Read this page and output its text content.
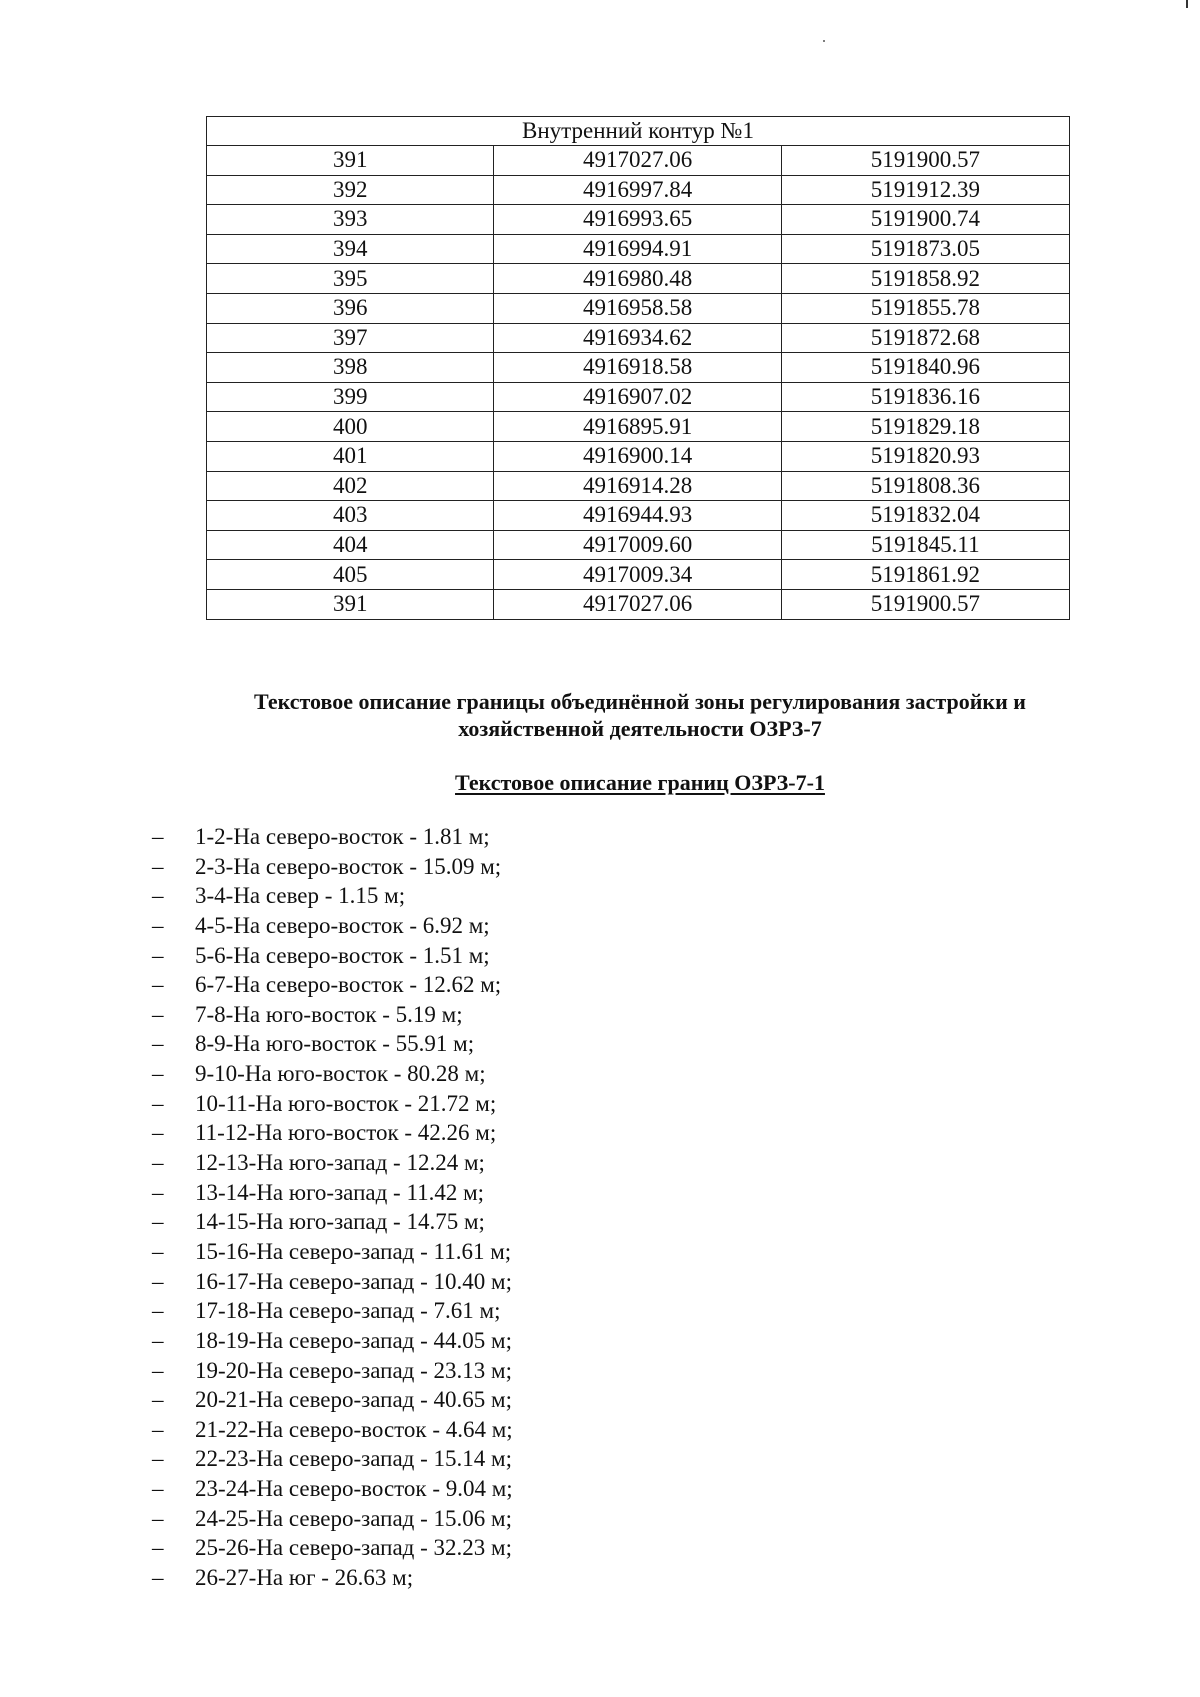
Внутренний контур №1		
391	4917027.06	5191900.57
392	4916997.84	5191912.39
393	4916993.65	5191900.74
394	4916994.91	5191873.05
395	4916980.48	5191858.92
396	4916958.58	5191855.78
397	4916934.62	5191872.68
398	4916918.58	5191840.96
399	4916907.02	5191836.16
400	4916895.91	5191829.18
401	4916900.14	5191820.93
402	4916914.28	5191808.36
403	4916944.93	5191832.04
404	4917009.60	5191845.11
405	4917009.34	5191861.92
391	4917027.06	5191900.57
Текстовое описание границы объединённой зоны регулирования застройки и
хозяйственной деятельности ОЗРЗ-7
Текстовое описание границ ОЗРЗ-7-1
– 1-2-На северо-восток - 1.81 м;
– 2-3-На северо-восток - 15.09 м;
– 3-4-На север - 1.15 м;
– 4-5-На северо-восток - 6.92 м;
– 5-6-На северо-восток - 1.51 м;
– 6-7-На северо-восток - 12.62 м;
– 7-8-На юго-восток - 5.19 м;
– 8-9-На юго-восток - 55.91 м;
– 9-10-На юго-восток - 80.28 м;
– 10-11-На юго-восток - 21.72 м;
– 11-12-На юго-восток - 42.26 м;
– 12-13-На юго-запад - 12.24 м;
– 13-14-На юго-запад - 11.42 м;
– 14-15-На юго-запад - 14.75 м;
– 15-16-На северо-запад - 11.61 м;
– 16-17-На северо-запад - 10.40 м;
– 17-18-На северо-запад - 7.61 м;
– 18-19-На северо-запад - 44.05 м;
– 19-20-На северо-запад - 23.13 м;
– 20-21-На северо-запад - 40.65 м;
– 21-22-На северо-восток - 4.64 м;
– 22-23-На северо-запад - 15.14 м;
– 23-24-На северо-восток - 9.04 м;
– 24-25-На северо-запад - 15.06 м;
– 25-26-На северо-запад - 32.23 м;
– 26-27-На юг - 26.63 м;
